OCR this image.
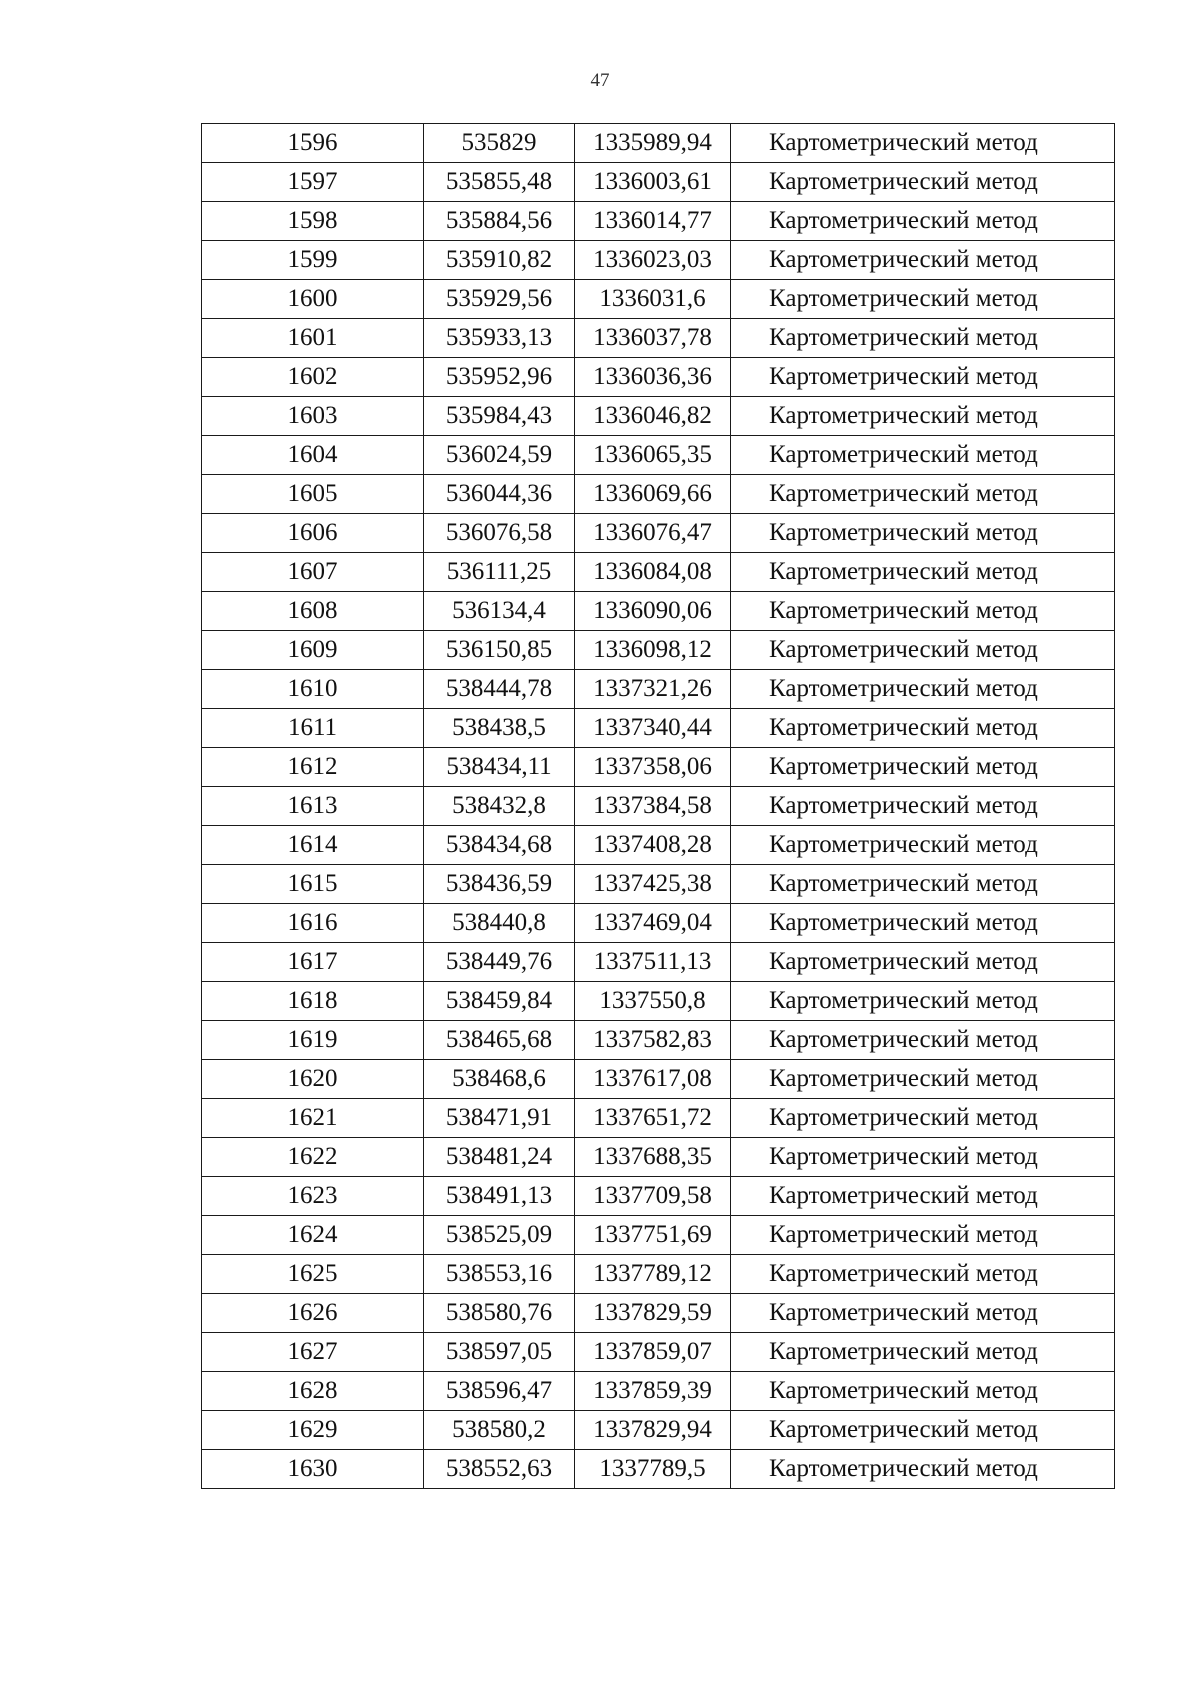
47
1596	535829	1335989,94	Картометрический метод
1597	535855,48	1336003,61	Картометрический метод
1598	535884,56	1336014,77	Картометрический метод
1599	535910,82	1336023,03	Картометрический метод
1600	535929,56	1336031,6	Картометрический метод
1601	535933,13	1336037,78	Картометрический метод
1602	535952,96	1336036,36	Картометрический метод
1603	535984,43	1336046,82	Картометрический метод
1604	536024,59	1336065,35	Картометрический метод
1605	536044,36	1336069,66	Картометрический метод
1606	536076,58	1336076,47	Картометрический метод
1607	536111,25	1336084,08	Картометрический метод
1608	536134,4	1336090,06	Картометрический метод
1609	536150,85	1336098,12	Картометрический метод
1610	538444,78	1337321,26	Картометрический метод
1611	538438,5	1337340,44	Картометрический метод
1612	538434,11	1337358,06	Картометрический метод
1613	538432,8	1337384,58	Картометрический метод
1614	538434,68	1337408,28	Картометрический метод
1615	538436,59	1337425,38	Картометрический метод
1616	538440,8	1337469,04	Картометрический метод
1617	538449,76	1337511,13	Картометрический метод
1618	538459,84	1337550,8	Картометрический метод
1619	538465,68	1337582,83	Картометрический метод
1620	538468,6	1337617,08	Картометрический метод
1621	538471,91	1337651,72	Картометрический метод
1622	538481,24	1337688,35	Картометрический метод
1623	538491,13	1337709,58	Картометрический метод
1624	538525,09	1337751,69	Картометрический метод
1625	538553,16	1337789,12	Картометрический метод
1626	538580,76	1337829,59	Картометрический метод
1627	538597,05	1337859,07	Картометрический метод
1628	538596,47	1337859,39	Картометрический метод
1629	538580,2	1337829,94	Картометрический метод
1630	538552,63	1337789,5	Картометрический метод
